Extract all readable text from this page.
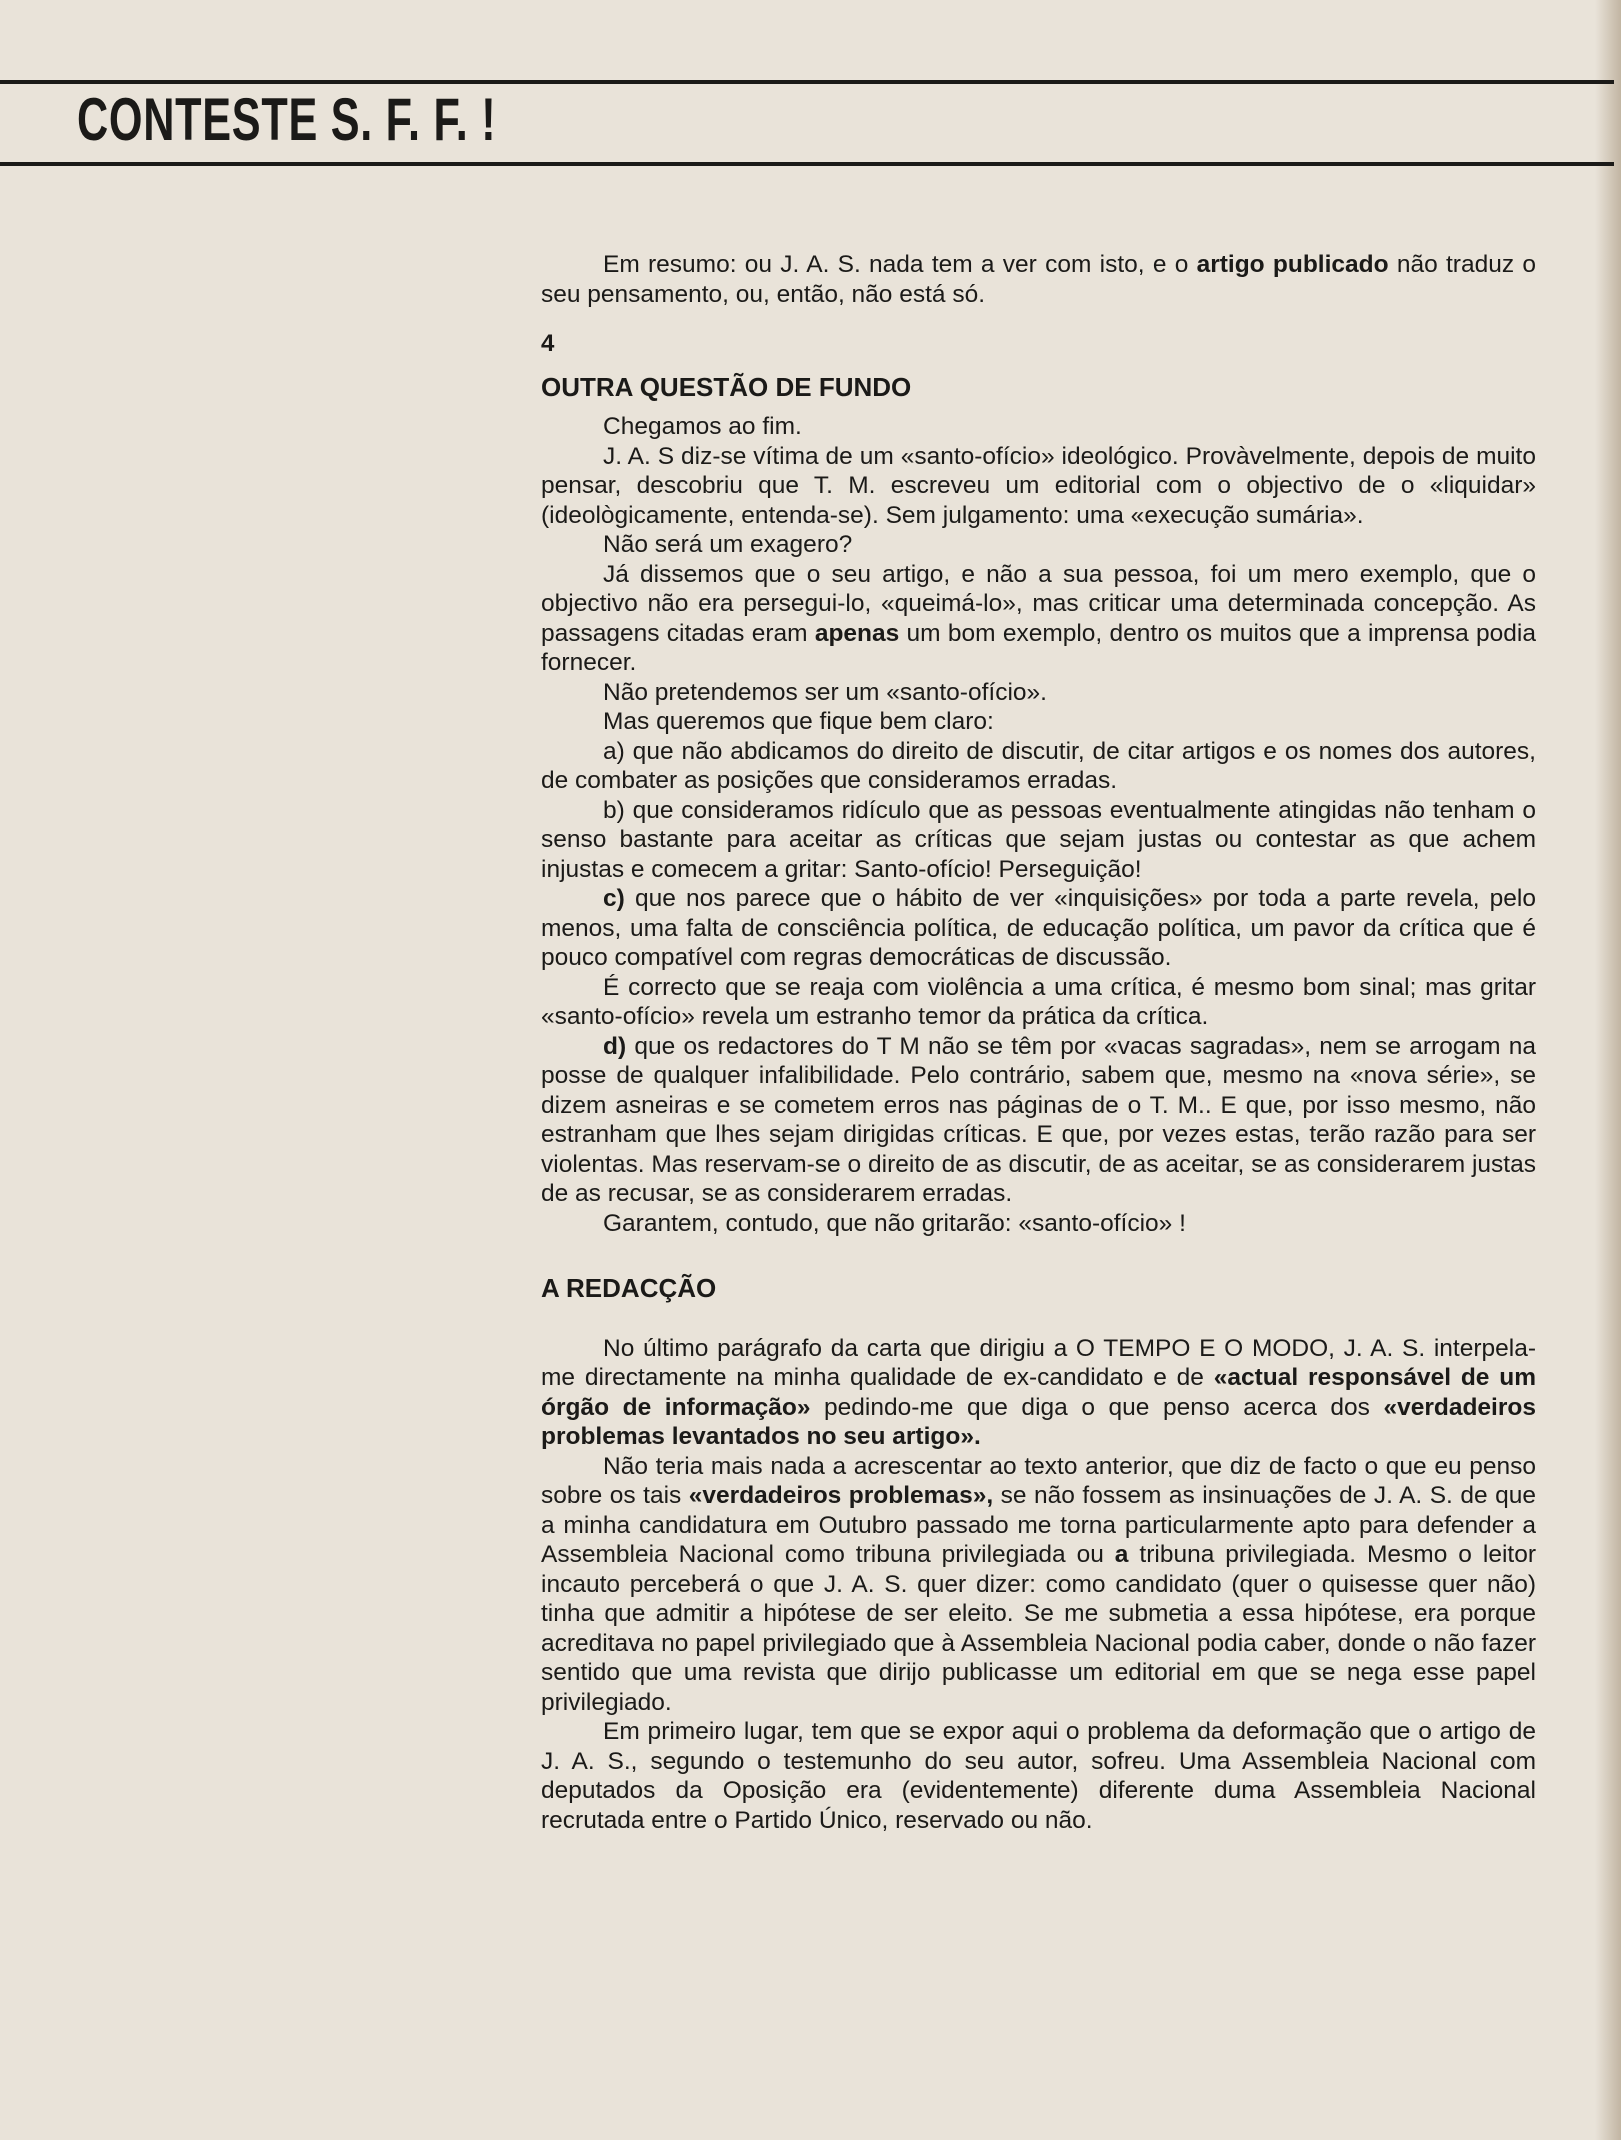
CONTESTE S. F. F. !

Em resumo: ou J. A. S. nada tem a ver com isto, e o artigo publicado não traduz o seu pensamento, ou, então, não está só.

4

OUTRA QUESTÃO DE FUNDO

Chegamos ao fim.

J. A. S diz-se vítima de um «santo-ofício» ideológico. Provàvelmente, depois de muito pensar, descobriu que T. M. escreveu um editorial com o objectivo de o «liquidar» (ideològicamente, entenda-se). Sem julgamento: uma «execução sumária».

Não será um exagero?

Já dissemos que o seu artigo, e não a sua pessoa, foi um mero exemplo, que o objectivo não era persegui-lo, «queimá-lo», mas criticar uma determinada concepção. As passagens citadas eram apenas um bom exemplo, dentro os muitos que a imprensa podia fornecer.

Não pretendemos ser um «santo-ofício».

Mas queremos que fique bem claro:

a) que não abdicamos do direito de discutir, de citar artigos e os nomes dos autores, de combater as posições que consideramos erradas.

b) que consideramos ridículo que as pessoas eventualmente atingidas não tenham o senso bastante para aceitar as críticas que sejam justas ou contestar as que achem injustas e comecem a gritar: Santo-ofício! Perseguição!

c) que nos parece que o hábito de ver «inquisições» por toda a parte revela, pelo menos, uma falta de consciência política, de educação política, um pavor da crítica que é pouco compatível com regras democráticas de discussão.

É correcto que se reaja com violência a uma crítica, é mesmo bom sinal; mas gritar «santo-ofício» revela um estranho temor da prática da crítica.

d) que os redactores do T M não se têm por «vacas sagradas», nem se arrogam na posse de qualquer infalibilidade. Pelo contrário, sabem que, mesmo na «nova série», se dizem asneiras e se cometem erros nas páginas de o T. M.. E que, por isso mesmo, não estranham que lhes sejam dirigidas críticas. E que, por vezes estas, terão razão para ser violentas. Mas reservam-se o direito de as discutir, de as aceitar, se as considerarem justas de as recusar, se as considerarem erradas.

Garantem, contudo, que não gritarão: «santo-ofício» !

A REDACÇÃO

No último parágrafo da carta que dirigiu a O TEMPO E O MODO, J. A. S. interpela-me directamente na minha qualidade de ex-candidato e de «actual responsável de um órgão de informação» pedindo-me que diga o que penso acerca dos «verdadeiros problemas levantados no seu artigo».

Não teria mais nada a acrescentar ao texto anterior, que diz de facto o que eu penso sobre os tais «verdadeiros problemas», se não fossem as insinuações de J. A. S. de que a minha candidatura em Outubro passado me torna particularmente apto para defender a Assembleia Nacional como tribuna privilegiada ou a tribuna privilegiada. Mesmo o leitor incauto perceberá o que J. A. S. quer dizer: como candidato (quer o quisesse quer não) tinha que admitir a hipótese de ser eleito. Se me submetia a essa hipótese, era porque acreditava no papel privilegiado que à Assembleia Nacional podia caber, donde o não fazer sentido que uma revista que dirijo publicasse um editorial em que se nega esse papel privilegiado.

Em primeiro lugar, tem que se expor aqui o problema da deformação que o artigo de J. A. S., segundo o testemunho do seu autor, sofreu. Uma Assembleia Nacional com deputados da Oposição era (evidentemente) diferente duma Assembleia Nacional recrutada entre o Partido Único, reservado ou não.
